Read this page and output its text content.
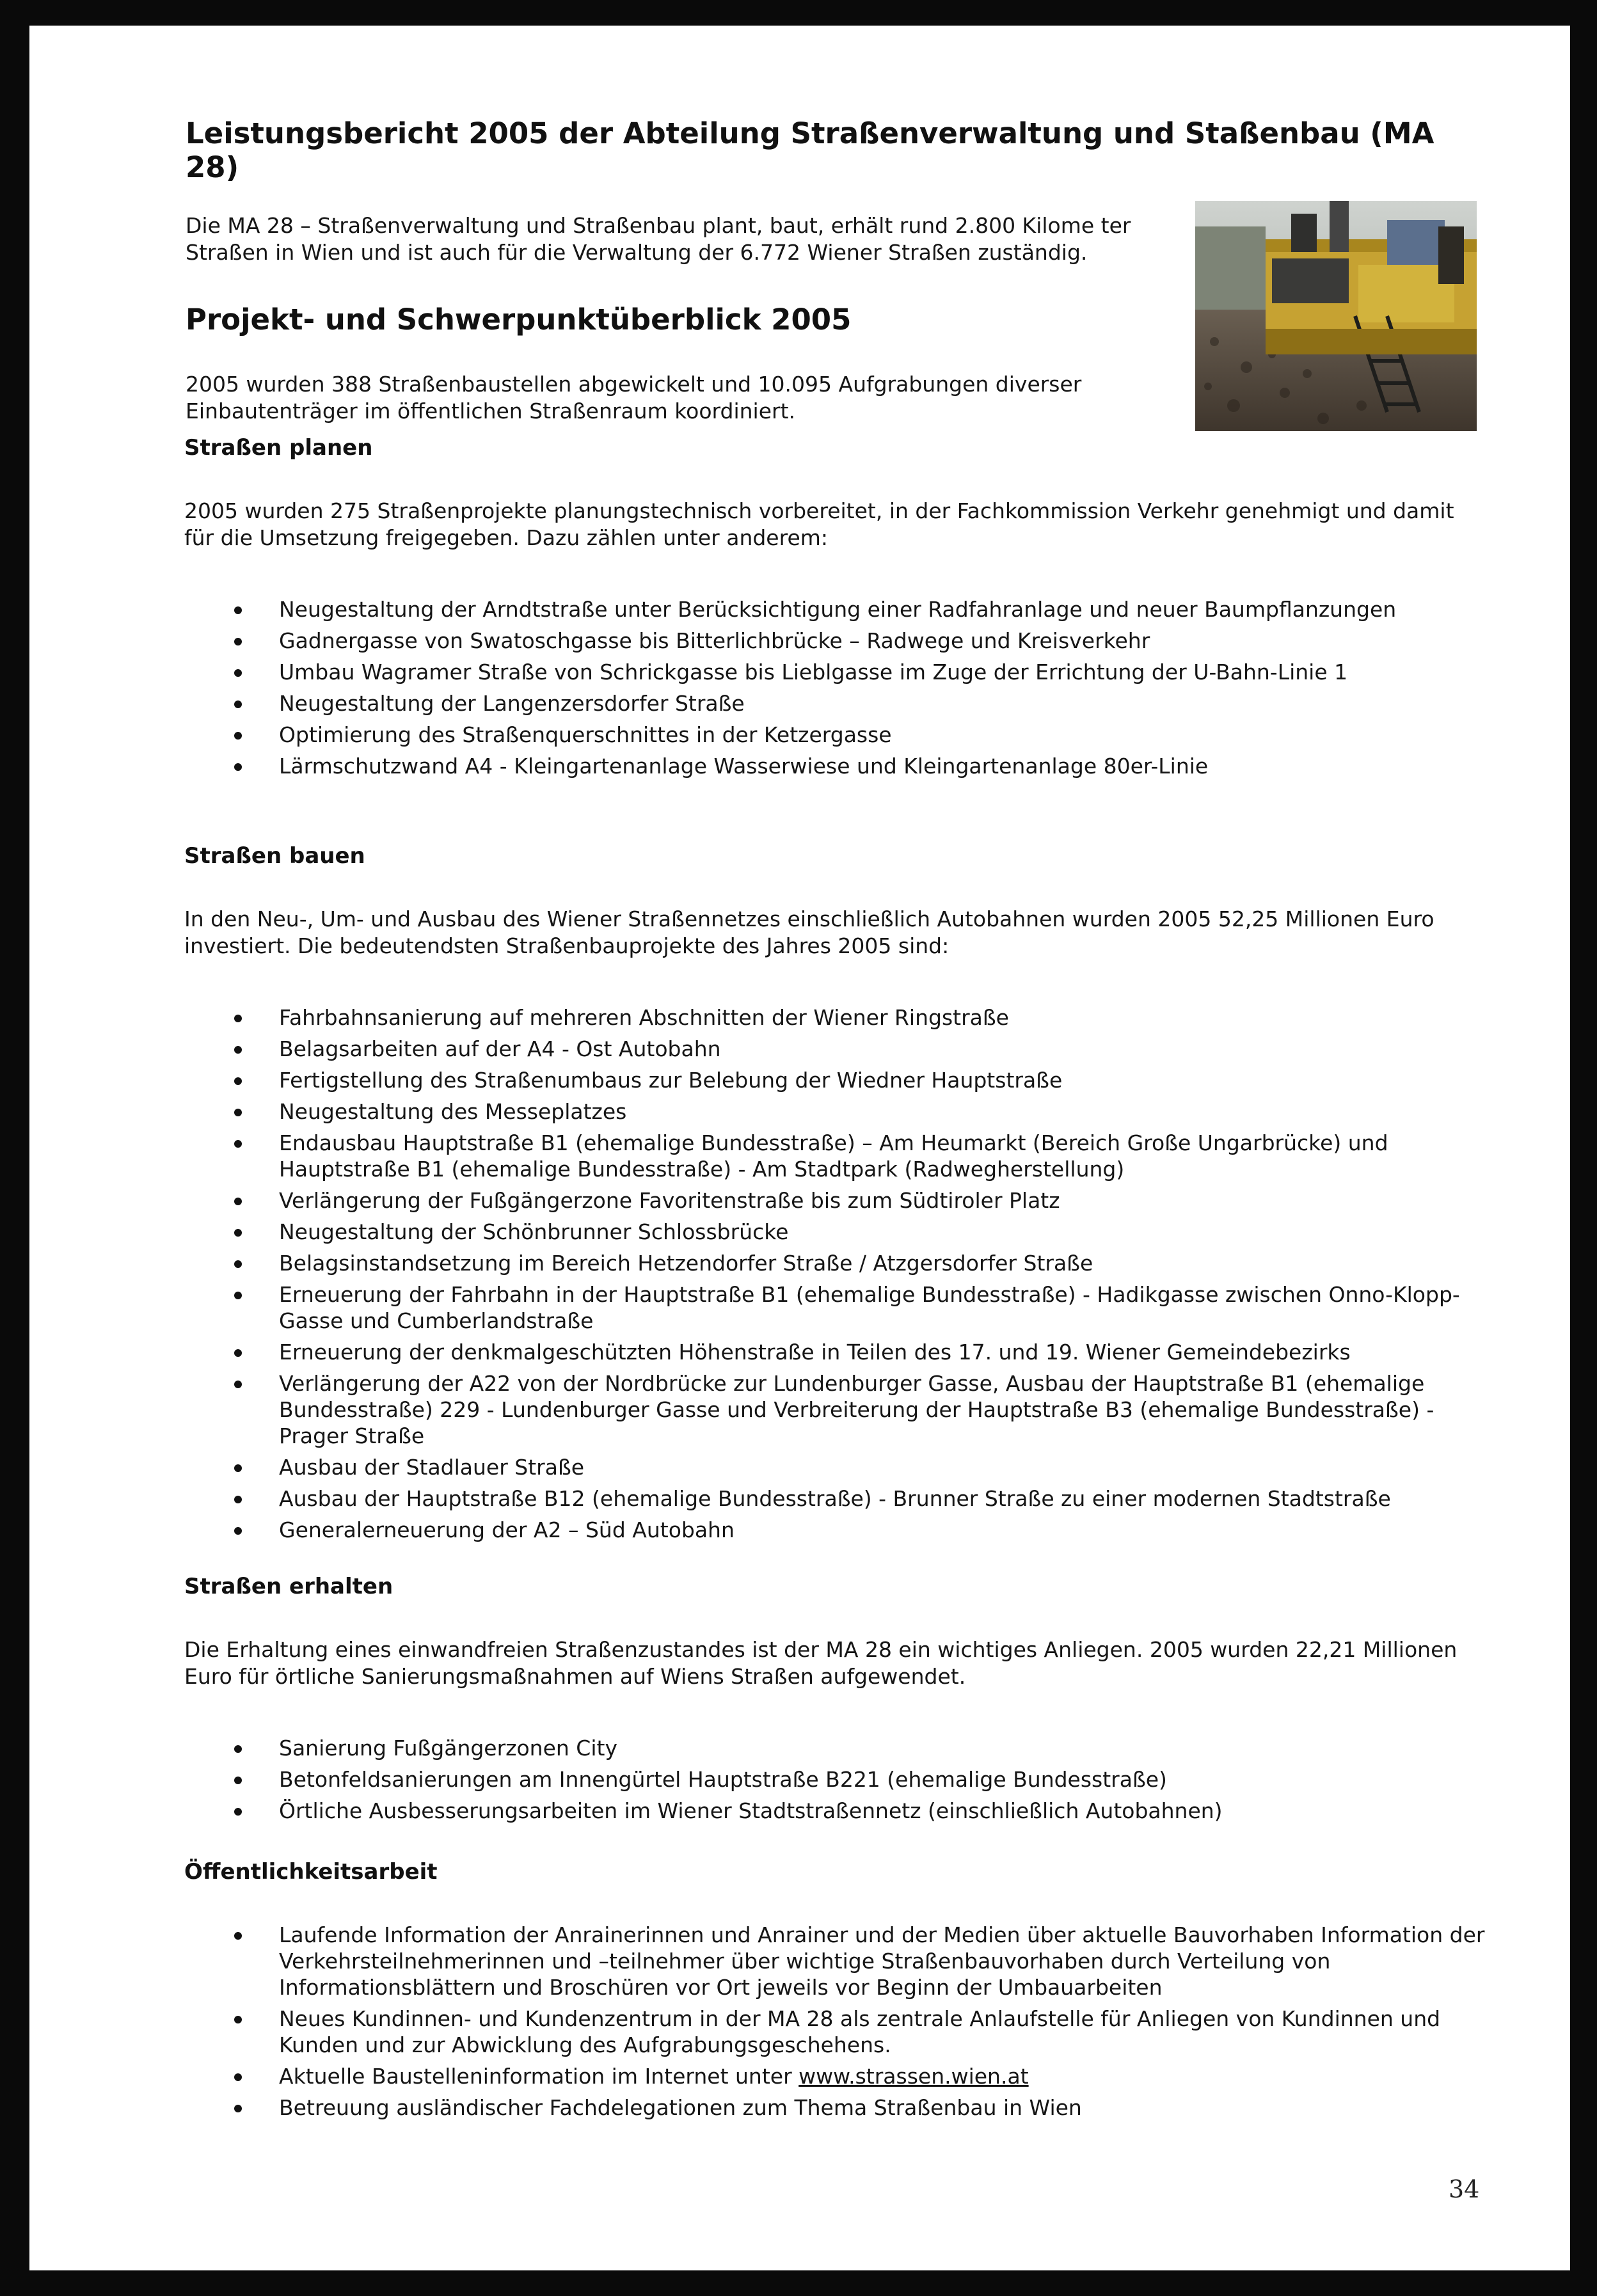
Leistungsbericht 2005 der Abteilung Straßenverwaltung und Staßenbau (MA 28)

Die MA 28 – Straßenverwaltung und Straßenbau plant, baut, erhält rund 2.800 Kilome ter Straßen in Wien und ist auch für die Verwaltung der 6.772 Wiener Straßen zuständig.

Projekt- und Schwerpunktüberblick 2005

2005 wurden 388 Straßenbaustellen abgewickelt und 10.095 Aufgrabungen diverser Einbautenträger im öffentlichen Straßenraum koordiniert.

Straßen planen

2005 wurden 275 Straßenprojekte planungstechnisch vorbereitet, in der Fachkommission Verkehr genehmigt und damit für die Umsetzung freigegeben. Dazu zählen unter anderem:

Neugestaltung der Arndtstraße unter Berücksichtigung einer Radfahranlage und neuer Baumpflanzungen
Gadnergasse von Swatoschgasse bis Bitterlichbrücke – Radwege und Kreisverkehr
Umbau Wagramer Straße von Schrickgasse bis Lieblgasse im Zuge der Errichtung der U-Bahn-Linie 1
Neugestaltung der Langenzersdorfer Straße
Optimierung des Straßenquerschnittes in der Ketzergasse
Lärmschutzwand A4 - Kleingartenanlage Wasserwiese und Kleingartenanlage 80er-Linie
Straßen bauen

In den Neu-, Um- und Ausbau des Wiener Straßennetzes einschließlich Autobahnen wurden 2005 52,25 Millionen Euro investiert. Die bedeutendsten Straßenbauprojekte des Jahres 2005 sind:

Fahrbahnsanierung auf mehreren Abschnitten der Wiener Ringstraße
Belagsarbeiten auf der A4 - Ost Autobahn
Fertigstellung des Straßenumbaus zur Belebung der Wiedner Hauptstraße
Neugestaltung des Messeplatzes
Endausbau Hauptstraße B1 (ehemalige Bundesstraße) – Am Heumarkt (Bereich Große Ungarbrücke) und Hauptstraße B1 (ehemalige Bundesstraße) - Am Stadtpark (Radwegherstellung)
Verlängerung der Fußgängerzone Favoritenstraße bis zum Südtiroler Platz
Neugestaltung der Schönbrunner Schlossbrücke
Belagsinstandsetzung im Bereich Hetzendorfer Straße / Atzgersdorfer Straße
Erneuerung der Fahrbahn in der Hauptstraße B1 (ehemalige Bundesstraße) - Hadikgasse zwischen Onno-Klopp-Gasse und Cumberlandstraße
Erneuerung der denkmalgeschützten Höhenstraße in Teilen des 17. und 19. Wiener Gemeindebezirks
Verlängerung der A22 von der Nordbrücke zur Lundenburger Gasse, Ausbau der Hauptstraße B1 (ehemalige Bundesstraße) 229 - Lundenburger Gasse und Verbreiterung der Hauptstraße B3 (ehemalige Bundesstraße) - Prager Straße
Ausbau der Stadlauer Straße
Ausbau der Hauptstraße B12 (ehemalige Bundesstraße) - Brunner Straße zu einer modernen Stadtstraße
Generalerneuerung der A2 – Süd Autobahn
Straßen erhalten

Die Erhaltung eines einwandfreien Straßenzustandes ist der MA 28 ein wichtiges Anliegen. 2005 wurden 22,21 Millionen Euro für örtliche Sanierungsmaßnahmen auf Wiens Straßen aufgewendet.

Sanierung Fußgängerzonen City
Betonfeldsanierungen am Innengürtel Hauptstraße B221 (ehemalige Bundesstraße)
Örtliche Ausbesserungsarbeiten im Wiener Stadtstraßennetz (einschließlich Autobahnen)
Öffentlichkeitsarbeit
Laufende Information der Anrainerinnen und Anrainer und der Medien über aktuelle Bauvorhaben Information der Verkehrsteilnehmerinnen und –teilnehmer über wichtige Straßenbauvorhaben durch Verteilung von Informationsblättern und Broschüren vor Ort jeweils vor Beginn der Umbauarbeiten
Neues Kundinnen- und Kundenzentrum in der MA 28 als zentrale Anlaufstelle für Anliegen von Kundinnen und Kunden und zur Abwicklung des Aufgrabungsgeschehens.
Aktuelle Baustelleninformation im Internet unter www.strassen.wien.at
Betreuung ausländischer Fachdelegationen zum Thema Straßenbau in Wien
34
